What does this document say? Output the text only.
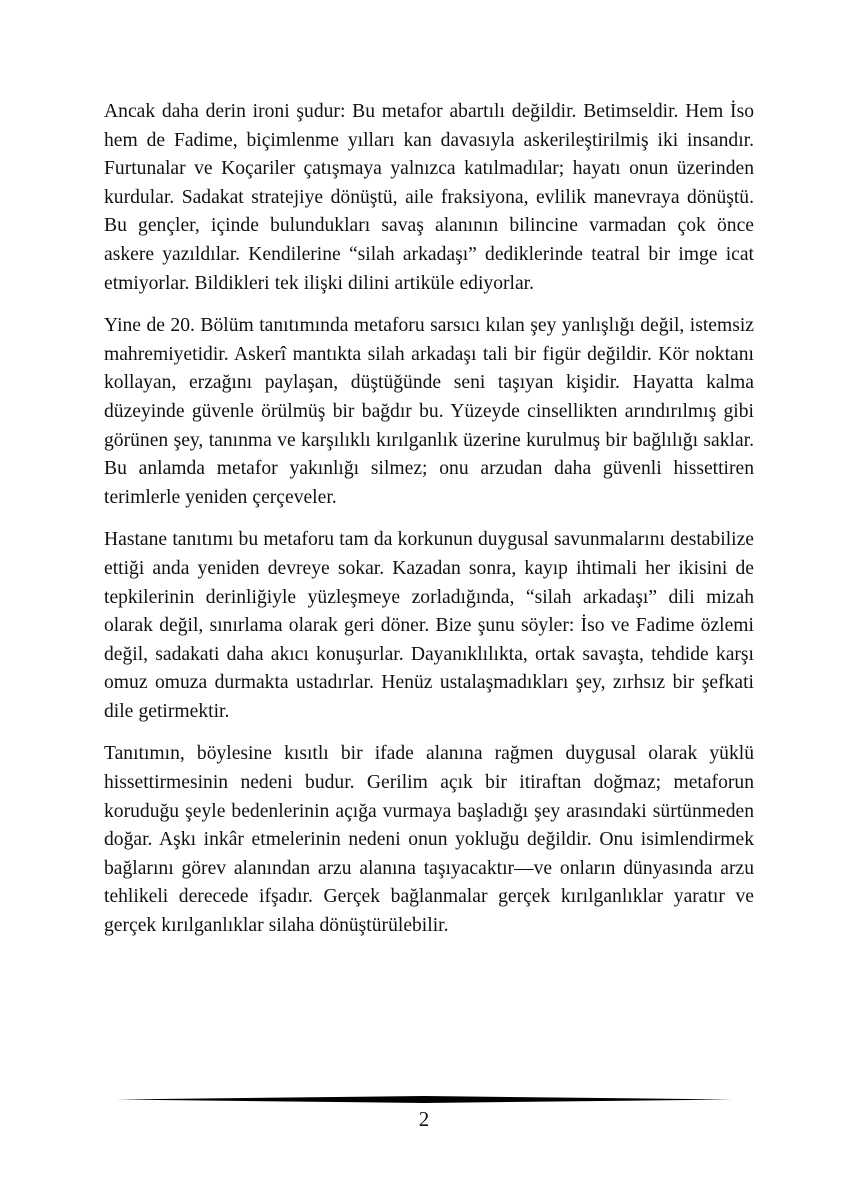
Ancak daha derin ironi şudur: Bu metafor abartılı değildir. Betimseldir. Hem İso hem de Fadime, biçimlenme yılları kan davasıyla askerileştirilmiş iki insandır. Furtunalar ve Koçariler çatışmaya yalnızca katılmadılar; hayatı onun üzerinden kurdular. Sadakat stratejiye dönüştü, aile fraksiyona, evlilik manevraya dönüştü. Bu gençler, içinde bulundukları savaş alanının bilincine varmadan çok önce askere yazıldılar. Kendilerine “silah arkadaşı” dediklerinde teatral bir imge icat etmiyorlar. Bildikleri tek ilişki dilini artiküle ediyorlar.

Yine de 20. Bölüm tanıtımında metaforu sarsıcı kılan şey yanlışlığı değil, istemsiz mahremiyetidir. Askerî mantıkta silah arkadaşı tali bir figür değildir. Kör noktanı kollayan, erzağını paylaşan, düştüğünde seni taşıyan kişidir. Hayatta kalma düzeyinde güvenle örülmüş bir bağdır bu. Yüzeyde cinsellikten arındırılmış gibi görünen şey, tanınma ve karşılıklı kırılganlık üzerine kurulmuş bir bağlılığı saklar. Bu anlamda metafor yakınlığı silmez; onu arzudan daha güvenli hissettiren terimlerle yeniden çerçeveler.

Hastane tanıtımı bu metaforu tam da korkunun duygusal savunmalarını destabilize ettiği anda yeniden devreye sokar. Kazadan sonra, kayıp ihtimali her ikisini de tepkilerinin derinliğiyle yüzleşmeye zorladığında, “silah arkadaşı” dili mizah olarak değil, sınırlama olarak geri döner. Bize şunu söyler: İso ve Fadime özlemi değil, sadakati daha akıcı konuşurlar. Dayanıklılıkta, ortak savaşta, tehdide karşı omuz omuza durmakta ustadırlar. Henüz ustalaşmadıkları şey, zırhsız bir şefkati dile getirmektir.

Tanıtımın, böylesine kısıtlı bir ifade alanına rağmen duygusal olarak yüklü hissettirmesinin nedeni budur. Gerilim açık bir itiraftan doğmaz; metaforun koruduğu şeyle bedenlerinin açığa vurmaya başladığı şey arasındaki sürtünmeden doğar. Aşkı inkâr etmelerinin nedeni onun yokluğu değildir. Onu isimlendirmek bağlarını görev alanından arzu alanına taşıyacaktır—ve onların dünyasında arzu tehlikeli derecede ifşadır. Gerçek bağlanmalar gerçek kırılganlıklar yaratır ve gerçek kırılganlıklar silaha dönüştürülebilir.

2
